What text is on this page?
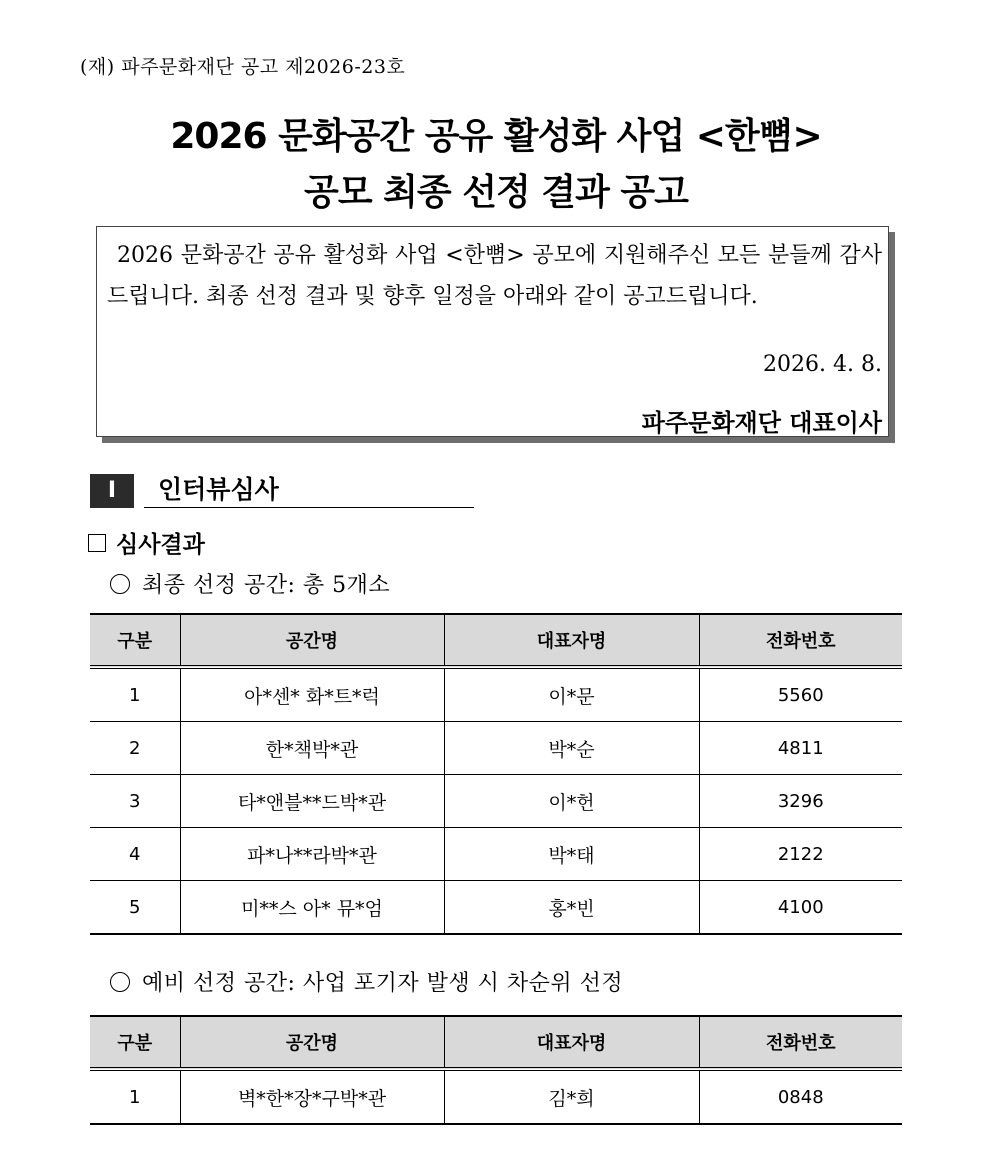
(재) 파주문화재단 공고 제2026-23호
2026 문화공간 공유 활성화 사업 <한뼘>
공모 최종 선정 결과 공고
2026 문화공간 공유 활성화 사업 <한뼘> 공모에 지원해주신 모든 분들께 감사드립니다. 최종 선정 결과 및 향후 일정을 아래와 같이 공고드립니다.
2026. 4. 8.
파주문화재단 대표이사
I	인터뷰심사
심사결과
최종 선정 공간: 총 5개소
구분	공간명	대표자명	전화번호
1	아*센* 화*트*럭	이*문	5560
2	한*책박*관	박*순	4811
3	타*앤블**드박*관	이*헌	3296
4	파*나**라박*관	박*태	2122
5	미**스 아* 뮤*엄	홍*빈	4100
예비 선정 공간: 사업 포기자 발생 시 차순위 선정
구분	공간명	대표자명	전화번호
1	벽*한*장*구박*관	김*희	0848
